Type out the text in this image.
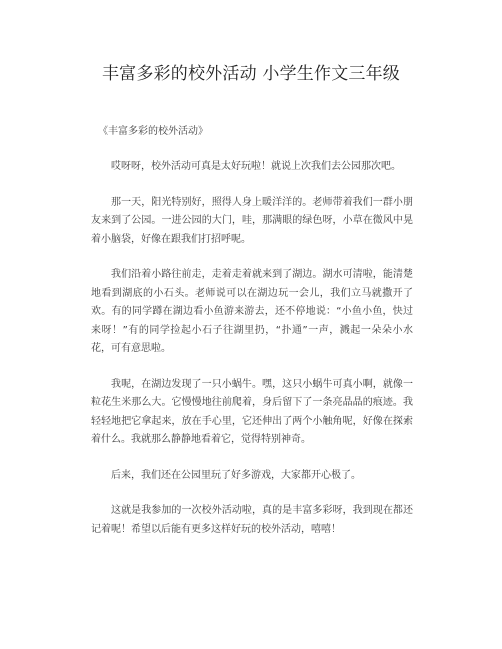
丰富多彩的校外活动 小学生作文三年级

《丰富多彩的校外活动》

哎呀呀，校外活动可真是太好玩啦！就说上次我们去公园那次吧。

那一天，阳光特别好，照得人身上暖洋洋的。老师带着我们一群小朋友来到了公园。一进公园的大门，哇，那满眼的绿色呀，小草在微风中晃着小脑袋，好像在跟我们打招呼呢。

我们沿着小路往前走，走着走着就来到了湖边。湖水可清啦，能清楚地看到湖底的小石头。老师说可以在湖边玩一会儿，我们立马就撒开了欢。有的同学蹲在湖边看小鱼游来游去，还不停地说：“小鱼小鱼，快过来呀！”有的同学捡起小石子往湖里扔，“扑通”一声，溅起一朵朵小水花，可有意思啦。

我呢，在湖边发现了一只小蜗牛。嘿，这只小蜗牛可真小啊，就像一粒花生米那么大。它慢慢地往前爬着，身后留下了一条亮晶晶的痕迹。我轻轻地把它拿起来，放在手心里，它还伸出了两个小触角呢，好像在探索着什么。我就那么静静地看着它，觉得特别神奇。

后来，我们还在公园里玩了好多游戏，大家都开心极了。

这就是我参加的一次校外活动啦，真的是丰富多彩呀，我到现在都还记着呢！希望以后能有更多这样好玩的校外活动，嘻嘻！
